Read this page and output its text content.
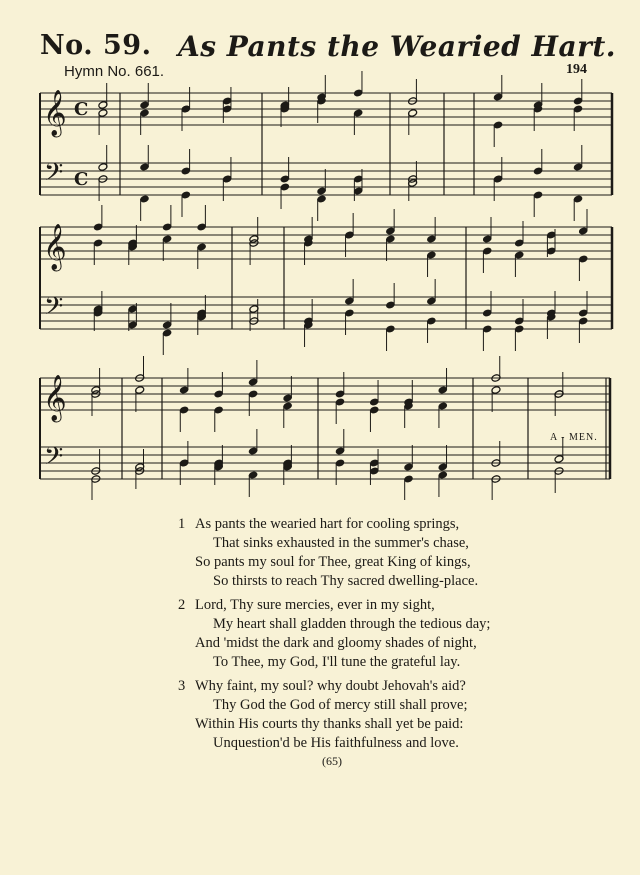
No. 59. As Pants the Wearied Hart.
Hymn No. 661.	194
𝄞 C
𝄢 C
𝄞
𝄢
𝄞
𝄢
A - MEN.
1 As pants the wearied hart for cooling springs,
That sinks exhausted in the summer's chase,
So pants my soul for Thee, great King of kings,
So thirsts to reach Thy sacred dwelling-place.
2 Lord, Thy sure mercies, ever in my sight,
My heart shall gladden through the tedious day;
And 'midst the dark and gloomy shades of night,
To Thee, my God, I'll tune the grateful lay.
3 Why faint, my soul? why doubt Jehovah's aid?
Thy God the God of mercy still shall prove;
Within His courts thy thanks shall yet be paid:
Unquestion'd be His faithfulness and love.
(65)
